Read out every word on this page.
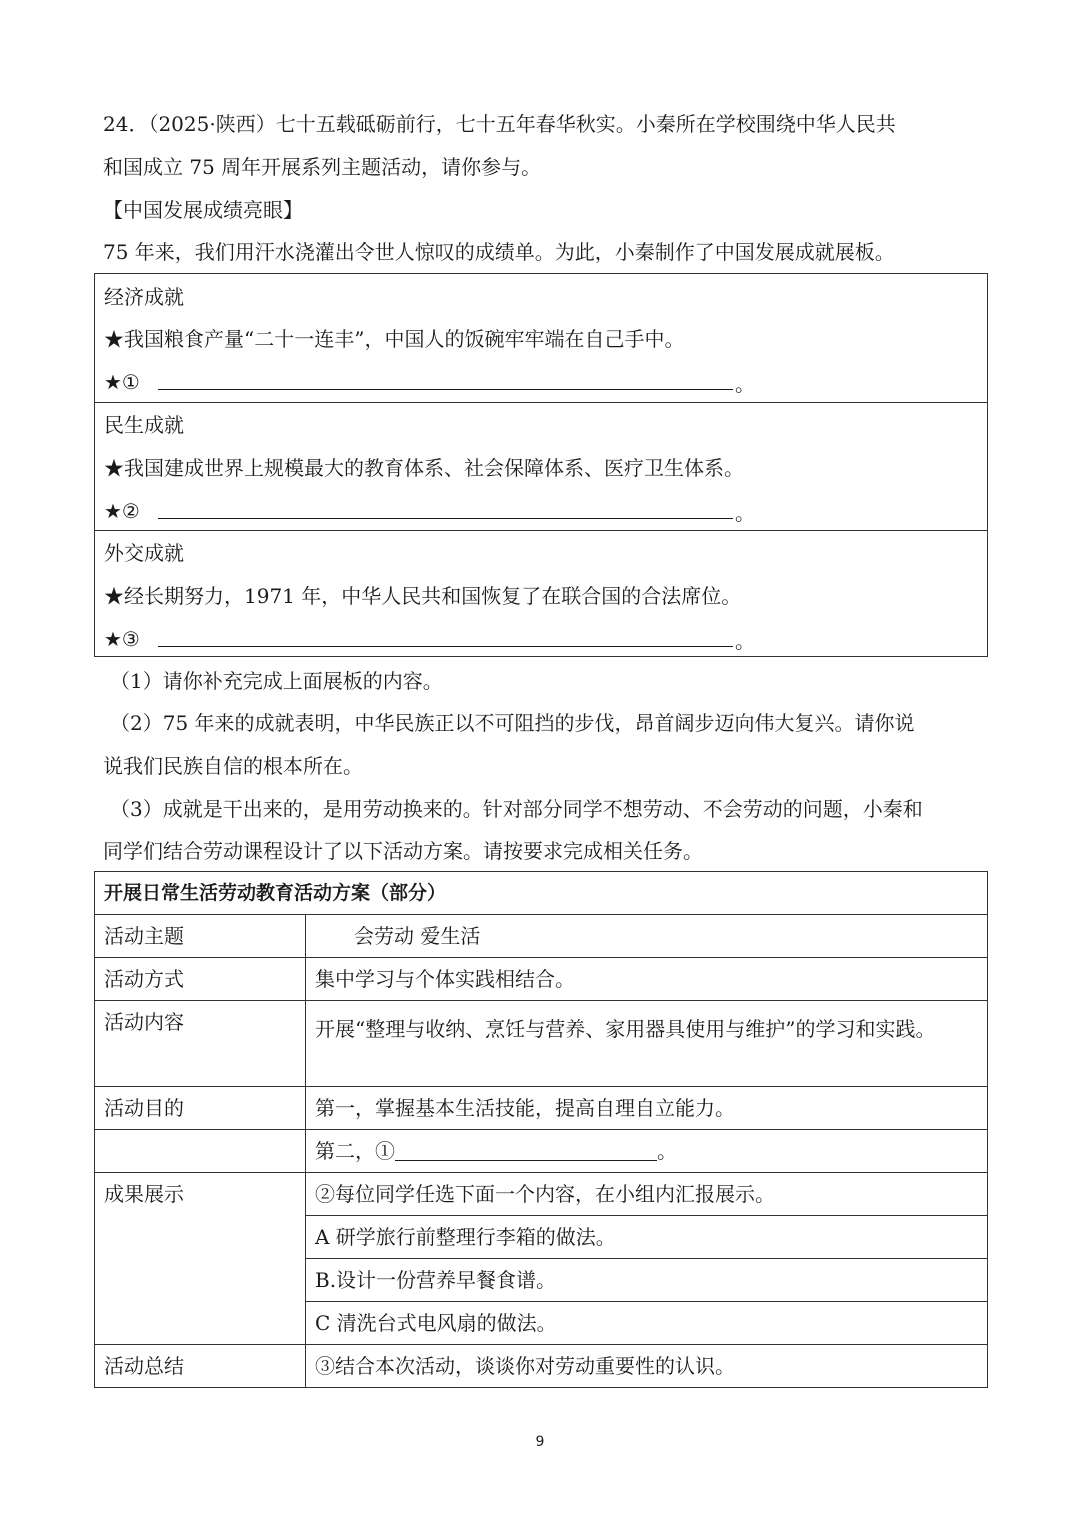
24．（2025·陕西）七十五载砥砺前行，七十五年春华秋实。小秦所在学校围绕中华人民共
和国成立 75 周年开展系列主题活动，请你参与。
【中国发展成绩亮眼】
75 年来，我们用汗水浇灌出令世人惊叹的成绩单。为此，小秦制作了中国发展成就展板。
经济成就
★我国粮食产量“二十一连丰”，中国人的饭碗牢牢端在自己手中。
★①	。
民生成就
★我国建成世界上规模最大的教育体系、社会保障体系、医疗卫生体系。
★②	。
外交成就
★经长期努力，1971 年，中华人民共和国恢复了在联合国的合法席位。
★③	。
（1）请你补充完成上面展板的内容。
（2）75 年来的成就表明，中华民族正以不可阻挡的步伐，昂首阔步迈向伟大复兴。请你说
说我们民族自信的根本所在。
（3）成就是干出来的，是用劳动换来的。针对部分同学不想劳动、不会劳动的问题，小秦和
同学们结合劳动课程设计了以下活动方案。请按要求完成相关任务。
开展日常生活劳动教育活动方案（部分）	
活动主题	会劳动 爱生活
活动方式	集中学习与个体实践相结合。
活动内容	开展“整理与收纳、烹饪与营养、家用器具使用与维护”的学习和实践。
活动目的	第一，掌握基本生活技能，提高自理自立能力。
	第二，① 。
成果展示	②每位同学任选下面一个内容，在小组内汇报展示。
	A 研学旅行前整理行李箱的做法。
	B.设计一份营养早餐食谱。
	C 清洗台式电风扇的做法。
活动总结	③结合本次活动，谈谈你对劳动重要性的认识。
9
